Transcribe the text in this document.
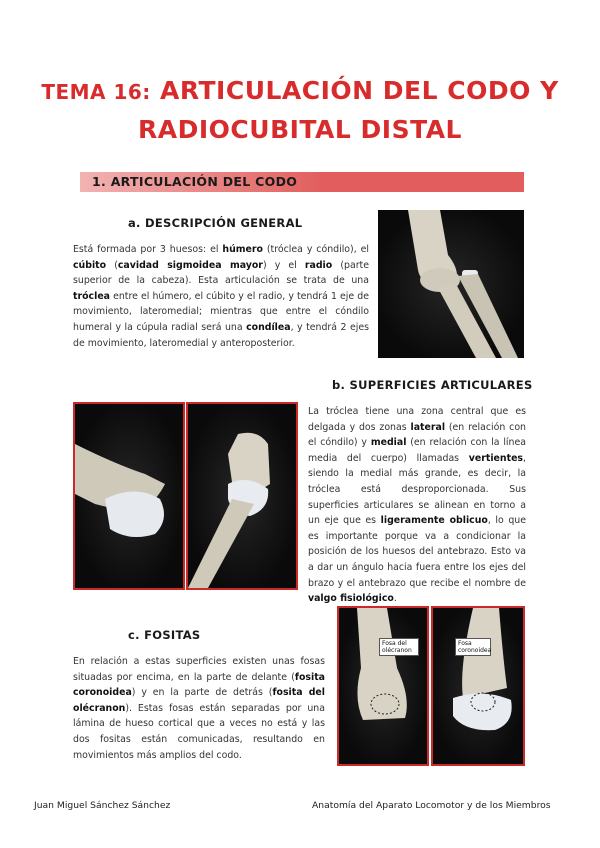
TEMA 16: ARTICULACIÓN DEL CODO Y
RADIOCUBITAL DISTAL
1. ARTICULACIÓN DEL CODO
a. DESCRIPCIÓN GENERAL
Está formada por 3 huesos: el húmero (tróclea y cóndilo), el cúbito (cavidad sigmoidea mayor) y el radio (parte superior de la cabeza). Esta articulación se trata de una tróclea entre el húmero, el cúbito y el radio, y tendrá 1 eje de movimiento, lateromedial; mientras que entre el cóndilo humeral y la cúpula radial será una condílea, y tendrá 2 ejes de movimiento, lateromedial y anteroposterior.
b. SUPERFICIES ARTICULARES
La tróclea tiene una zona central que es delgada y dos zonas lateral (en relación con el cóndilo) y medial (en relación con la línea media del cuerpo) llamadas vertientes, siendo la medial más grande, es decir, la tróclea está desproporcionada. Sus superficies articulares se alinean en torno a un eje que es ligeramente oblicuo, lo que es importante porque va a condicionar la posición de los huesos del antebrazo. Esto va a dar un ángulo hacia fuera entre los ejes del brazo y el antebrazo que recibe el nombre de valgo fisiológico.
c. FOSITAS
En relación a estas superficies existen unas fosas situadas por encima, en la parte de delante (fosita coronoidea) y en la parte de detrás (fosita del olécranon). Estas fosas están separadas por una lámina de hueso cortical que a veces no está y las dos fositas están comunicadas, resultando en movimientos más amplios del codo.
Fosa del olécranon
Fosa coronoidea
Juan Miguel Sánchez Sánchez	Anatomía del Aparato Locomotor y de los Miembros
